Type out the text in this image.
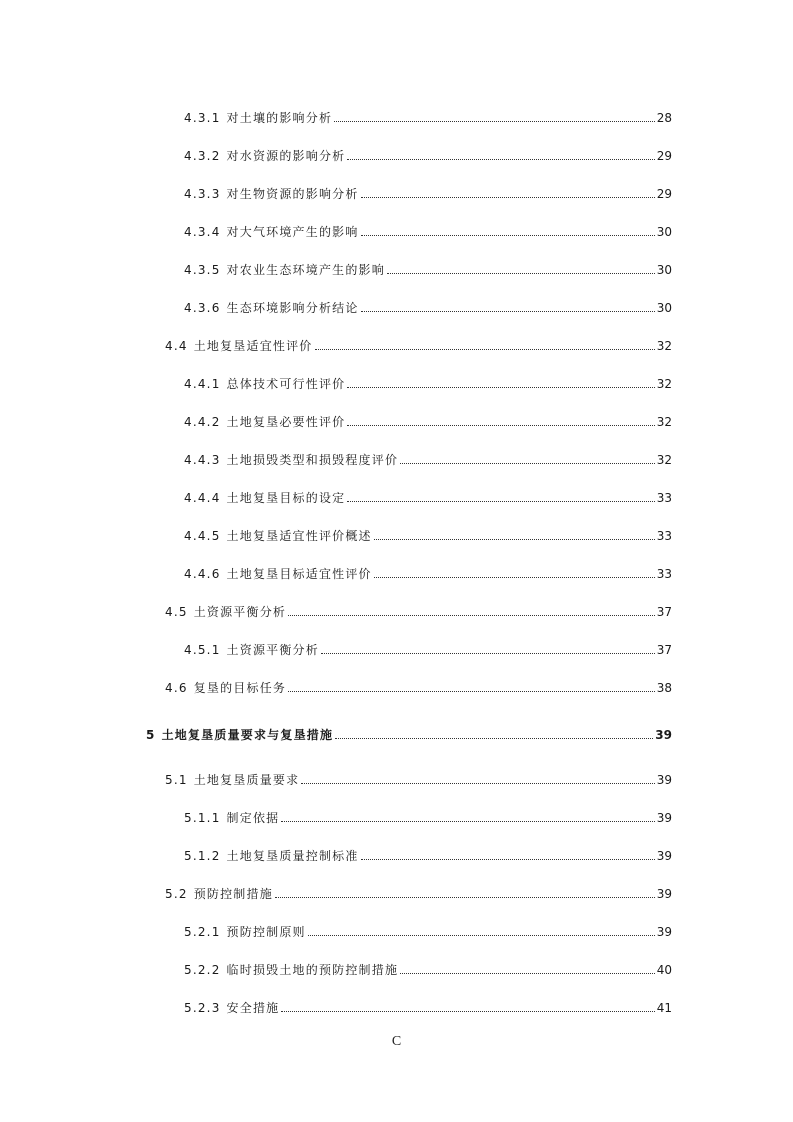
4.3.1 对土壤的影响分析	28
4.3.2 对水资源的影响分析	29
4.3.3 对生物资源的影响分析	29
4.3.4 对大气环境产生的影响	30
4.3.5 对农业生态环境产生的影响	30
4.3.6 生态环境影响分析结论	30
4.4 土地复垦适宜性评价	32
4.4.1 总体技术可行性评价	32
4.4.2 土地复垦必要性评价	32
4.4.3 土地损毁类型和损毁程度评价	32
4.4.4 土地复垦目标的设定	33
4.4.5 土地复垦适宜性评价概述	33
4.4.6 土地复垦目标适宜性评价	33
4.5 土资源平衡分析	37
4.5.1 土资源平衡分析	37
4.6 复垦的目标任务	38
5 土地复垦质量要求与复垦措施	39
5.1 土地复垦质量要求	39
5.1.1 制定依据	39
5.1.2 土地复垦质量控制标准	39
5.2 预防控制措施	39
5.2.1 预防控制原则	39
5.2.2 临时损毁土地的预防控制措施	40
5.2.3 安全措施	41
C
